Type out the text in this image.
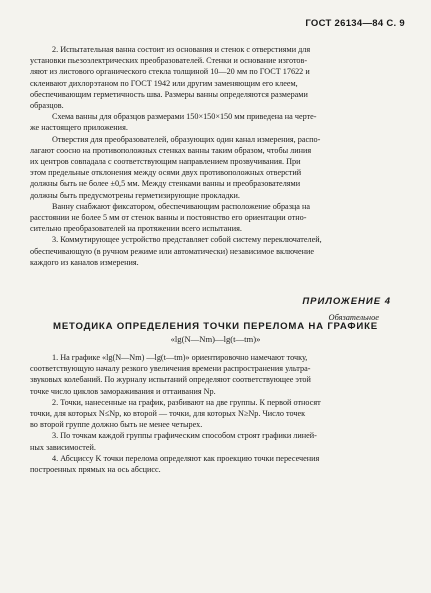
ГОСТ 26134—84 С. 9
2. Испытательная ванна состоит из основания и стенок с отверстиями для
установки пьезоэлектрических преобразователей. Стенки и основание изготов-
ляют из листового органического стекла толщиной 10—20 мм по ГОСТ 17622 и
склеивают дихлорэтаном по ГОСТ 1942 или другим заменяющим его клеем,
обеспечивающим герметичность шва. Размеры ванны определяются размерами
образцов.
Схема ванны для образцов размерами 150×150×150 мм приведена на черте-
же настоящего приложения.
Отверстия для преобразователей, образующих один канал измерения, распо-
лагают соосно на противоположных стенках ванны таким образом, чтобы линия
их центров совпадала с соответствующим направлением прозвучивания. При
этом предельные отклонения между осями двух противоположных отверстий
должны быть не более ±0,5 мм. Между стенками ванны и преобразователями
должны быть предусмотрены герметизирующие прокладки.
Ванну снабжают фиксатором, обеспечивающим расположение образца на
расстоянии не более 5 мм от стенок ванны и постоянство его ориентации отно-
сительно преобразователей на протяжении всего испытания.
3. Коммутирующее устройство представляет собой систему переключателей,
обеспечивающую (в ручном режиме или автоматически) независимое включение
каждого из каналов измерения.
ПРИЛОЖЕНИЕ 4
Обязательное
МЕТОДИКА ОПРЕДЕЛЕНИЯ ТОЧКИ ПЕРЕЛОМА НА ГРАФИКЕ
«lg(N—Nm)—lg(t—tm)»
1. На графике «lg(N—Nm) —lg(t—tm)» ориентировочно намечают точку,
соответствующую началу резкого увеличения времени распространения ультра-
звуковых колебаний. По журналу испытаний определяют соответствующее этой
точке число циклов замораживания и оттаивания Np.
2. Точки, нанесенные на график, разбивают на две группы. К первой относят
точки, для которых N≤Np, ко второй — точки, для которых N≥Np. Число точек
во второй группе должно быть не менее четырех.
3. По точкам каждой группы графическим способом строят графики линей-
ных зависимостей.
4. Абсциссу K точки перелома определяют как проекцию точки пересечения
построенных прямых на ось абсцисс.
